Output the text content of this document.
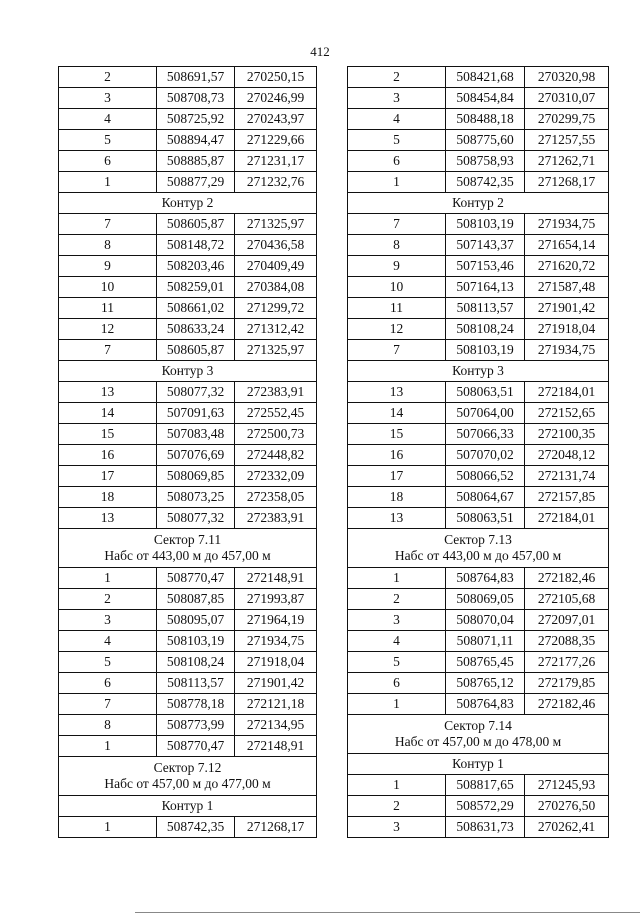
412
2	508691,57	270250,15
3	508708,73	270246,99
4	508725,92	270243,97
5	508894,47	271229,66
6	508885,87	271231,17
1	508877,29	271232,76
Контур 2		
7	508605,87	271325,97
8	508148,72	270436,58
9	508203,46	270409,49
10	508259,01	270384,08
11	508661,02	271299,72
12	508633,24	271312,42
7	508605,87	271325,97
Контур 3		
13	508077,32	272383,91
14	507091,63	272552,45
15	507083,48	272500,73
16	507076,69	272448,82
17	508069,85	272332,09
18	508073,25	272358,05
13	508077,32	272383,91

Сектор 7.11
Набс от 443,00 м до 457,00 м		

1	508770,47	272148,91
2	508087,85	271993,87
3	508095,07	271964,19
4	508103,19	271934,75
5	508108,24	271918,04
6	508113,57	271901,42
7	508778,18	272121,18
8	508773,99	272134,95
1	508770,47	272148,91

Сектор 7.12
Набс от 457,00 м до 477,00 м		

Контур 1		
1	508742,35	271268,17
2	508421,68	270320,98
3	508454,84	270310,07
4	508488,18	270299,75
5	508775,60	271257,55
6	508758,93	271262,71
1	508742,35	271268,17
Контур 2		
7	508103,19	271934,75
8	507143,37	271654,14
9	507153,46	271620,72
10	507164,13	271587,48
11	508113,57	271901,42
12	508108,24	271918,04
7	508103,19	271934,75
Контур 3		
13	508063,51	272184,01
14	507064,00	272152,65
15	507066,33	272100,35
16	507070,02	272048,12
17	508066,52	272131,74
18	508064,67	272157,85
13	508063,51	272184,01

Сектор 7.13
Набс от 443,00 м до 457,00 м		

1	508764,83	272182,46
2	508069,05	272105,68
3	508070,04	272097,01
4	508071,11	272088,35
5	508765,45	272177,26
6	508765,12	272179,85
1	508764,83	272182,46

Сектор 7.14
Набс от 457,00 м до 478,00 м		

Контур 1		
1	508817,65	271245,93
2	508572,29	270276,50
3	508631,73	270262,41
